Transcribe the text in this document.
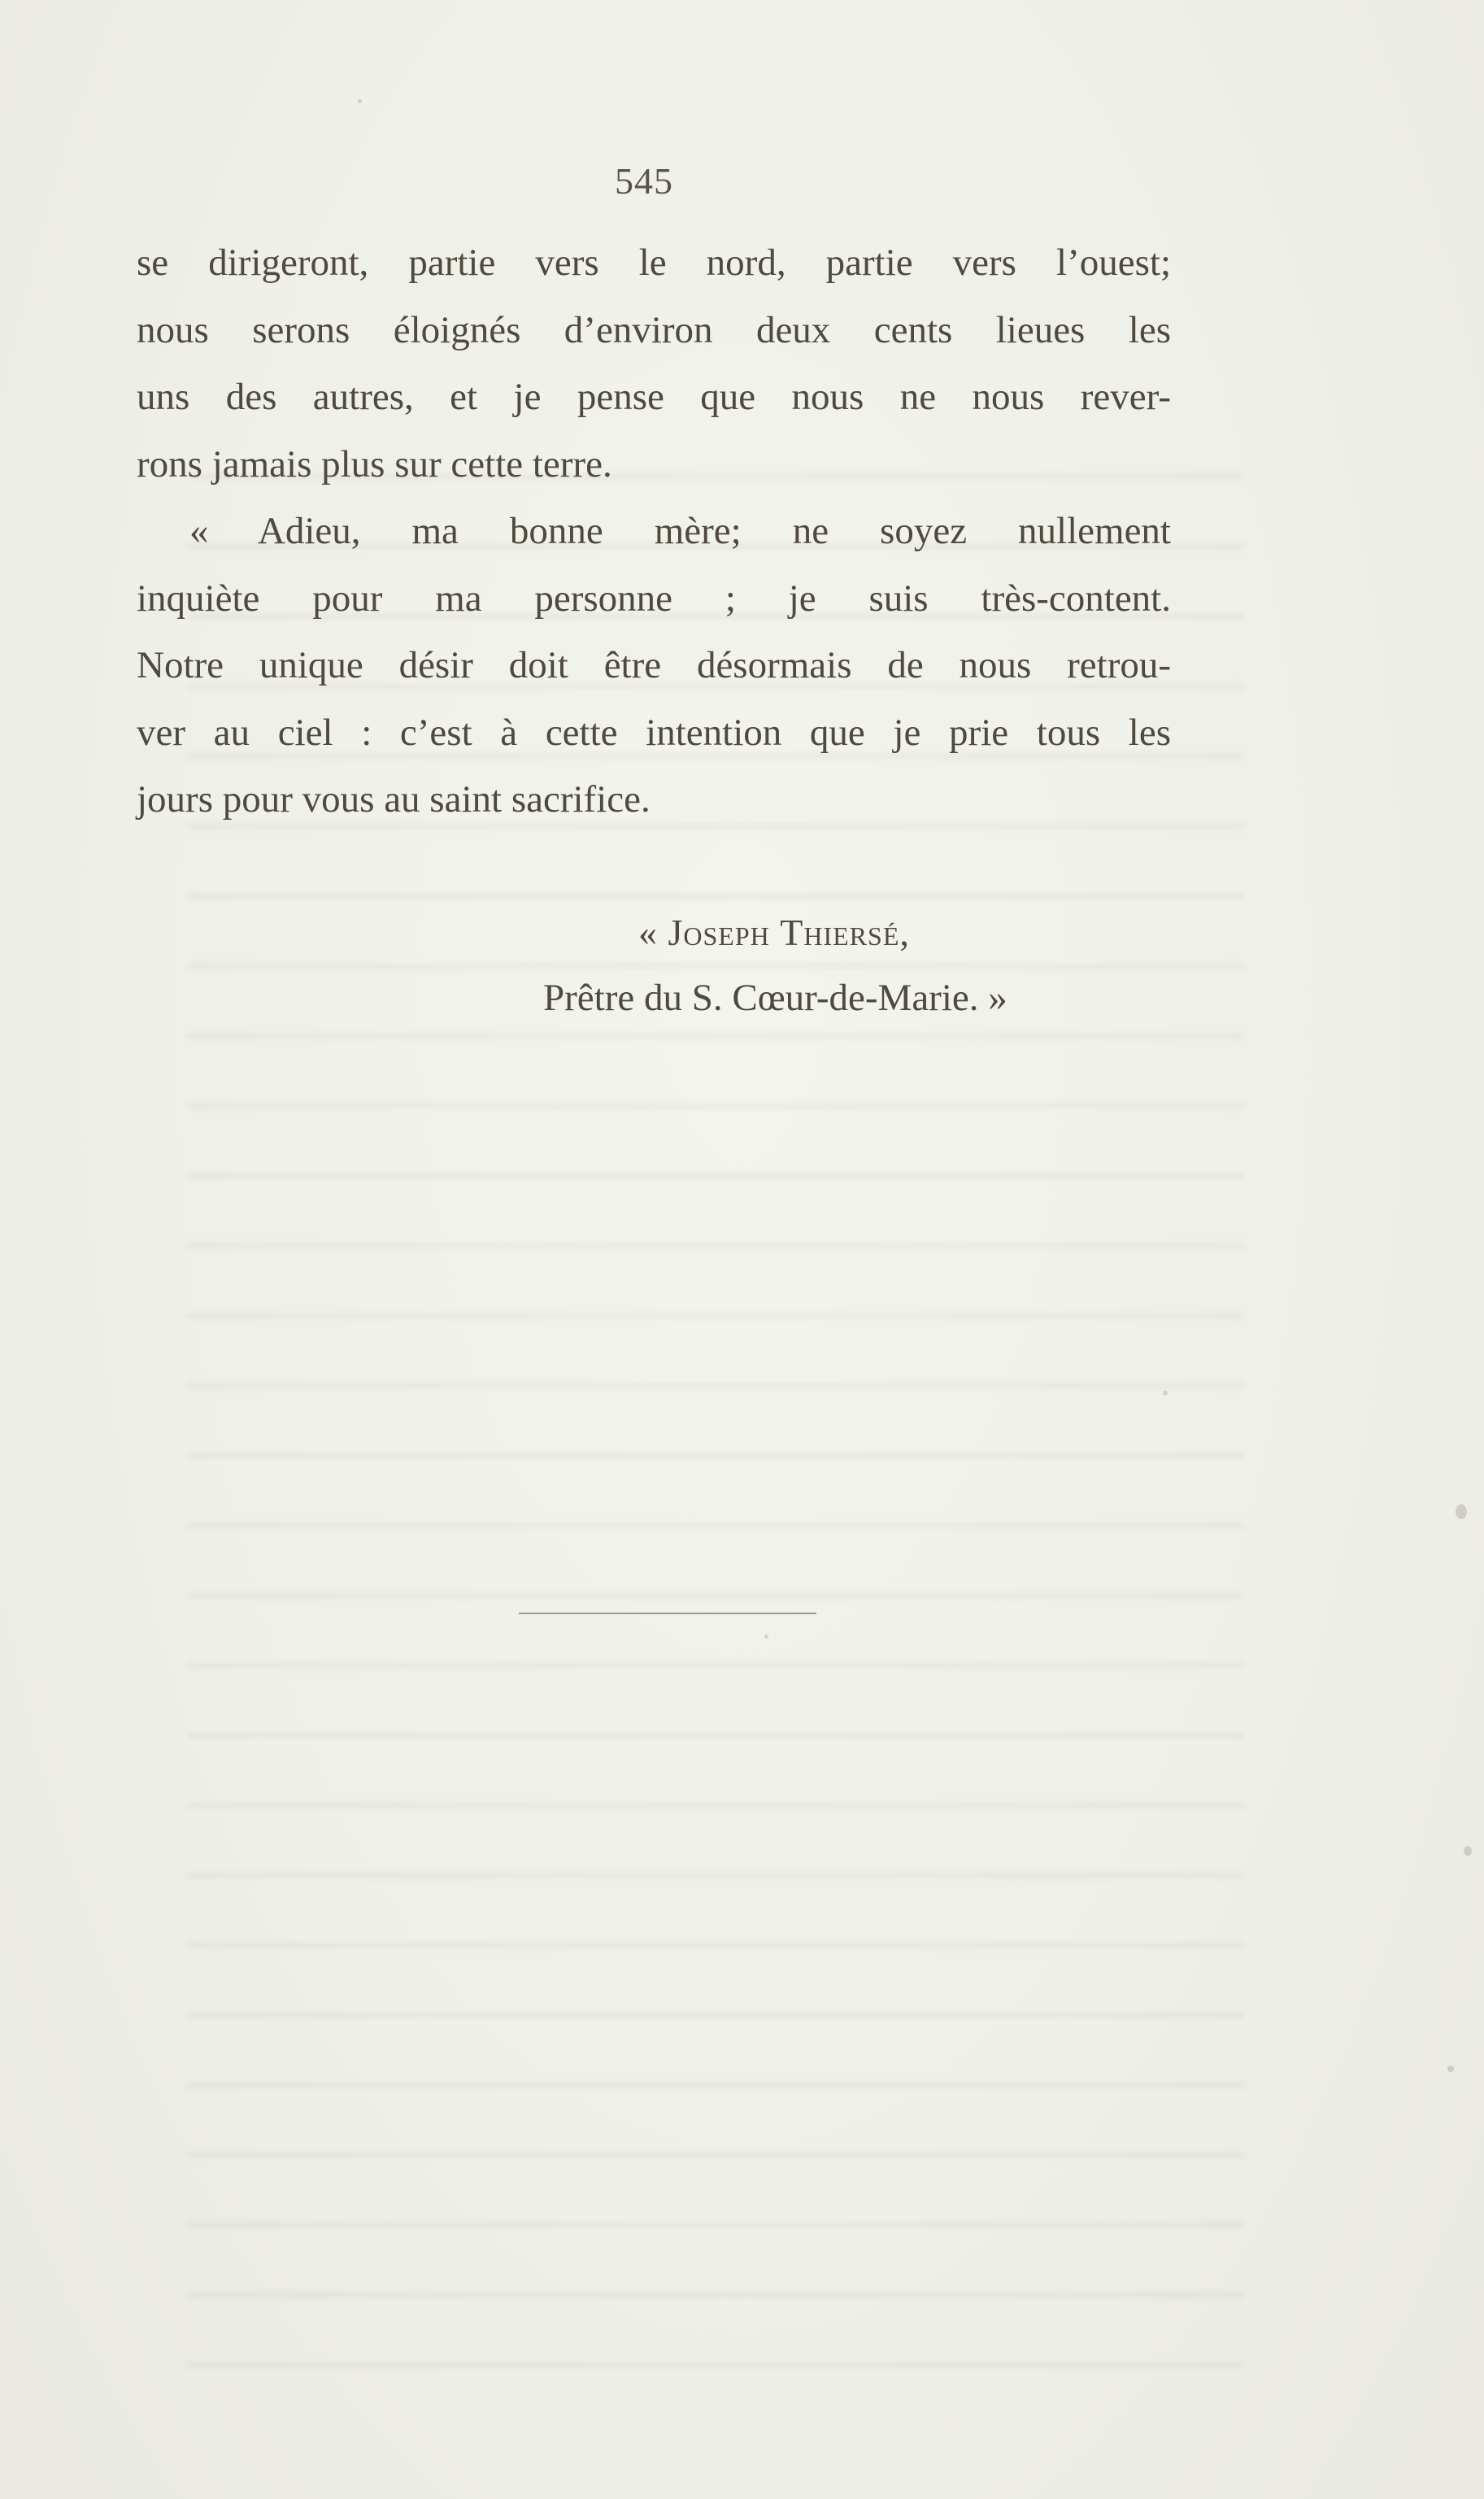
545
se dirigeront, partie vers le nord, partie vers l’ouest;
nous serons éloignés d’environ deux cents lieues les
uns des autres, et je pense que nous ne nous rever-
rons jamais plus sur cette terre.
« Adieu, ma bonne mère; ne soyez nullement
inquiète pour ma personne ; je suis très-content.
Notre unique désir doit être désormais de nous retrou-
ver au ciel : c’est à cette intention que je prie tous les
jours pour vous au saint sacrifice.
« Joseph Thiersé,
Prêtre du S. Cœur-de-Marie. »
